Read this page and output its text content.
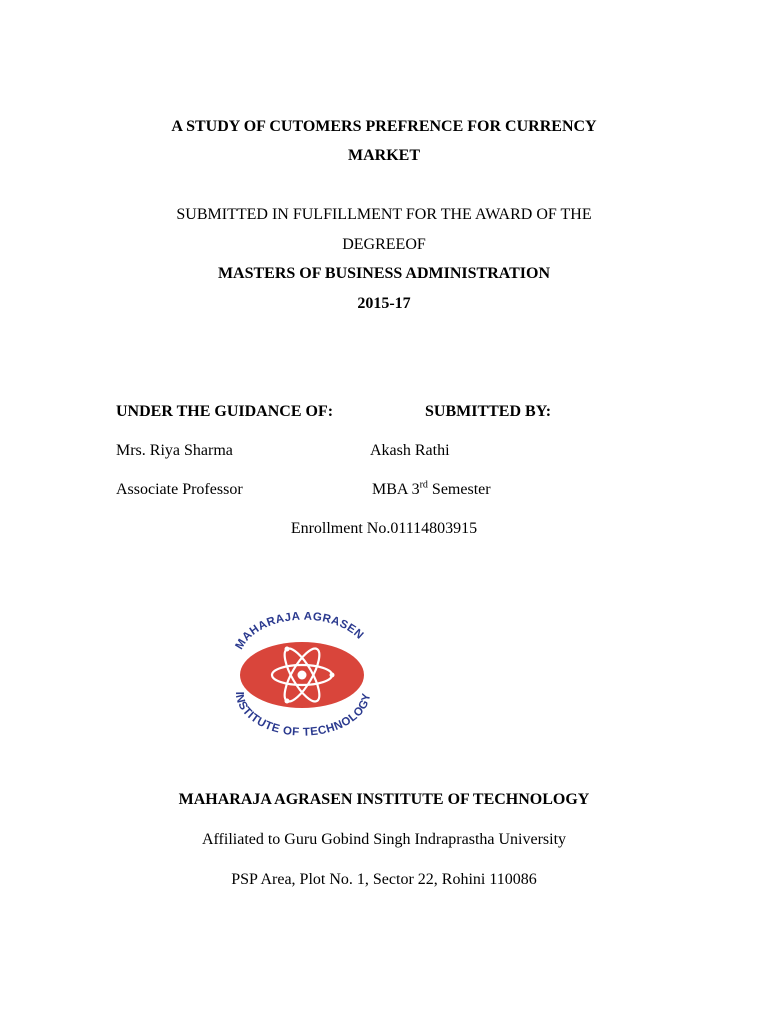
A STUDY OF CUTOMERS PREFRENCE FOR CURRENCY
MARKET
SUBMITTED IN FULFILLMENT FOR THE AWARD OF THE
DEGREEOF
MASTERS OF BUSINESS ADMINISTRATION
2015-17
UNDER THE GUIDANCE OF:	SUBMITTED BY:
Mrs. Riya Sharma	Akash Rathi
Associate Professor	MBA 3rd Semester
Enrollment No.01114803915
MAHARAJA AGRASEN
INSTITUTE OF TECHNOLOGY
MAHARAJA AGRASEN INSTITUTE OF TECHNOLOGY
Affiliated to Guru Gobind Singh Indraprastha University
PSP Area, Plot No. 1, Sector 22, Rohini 110086
